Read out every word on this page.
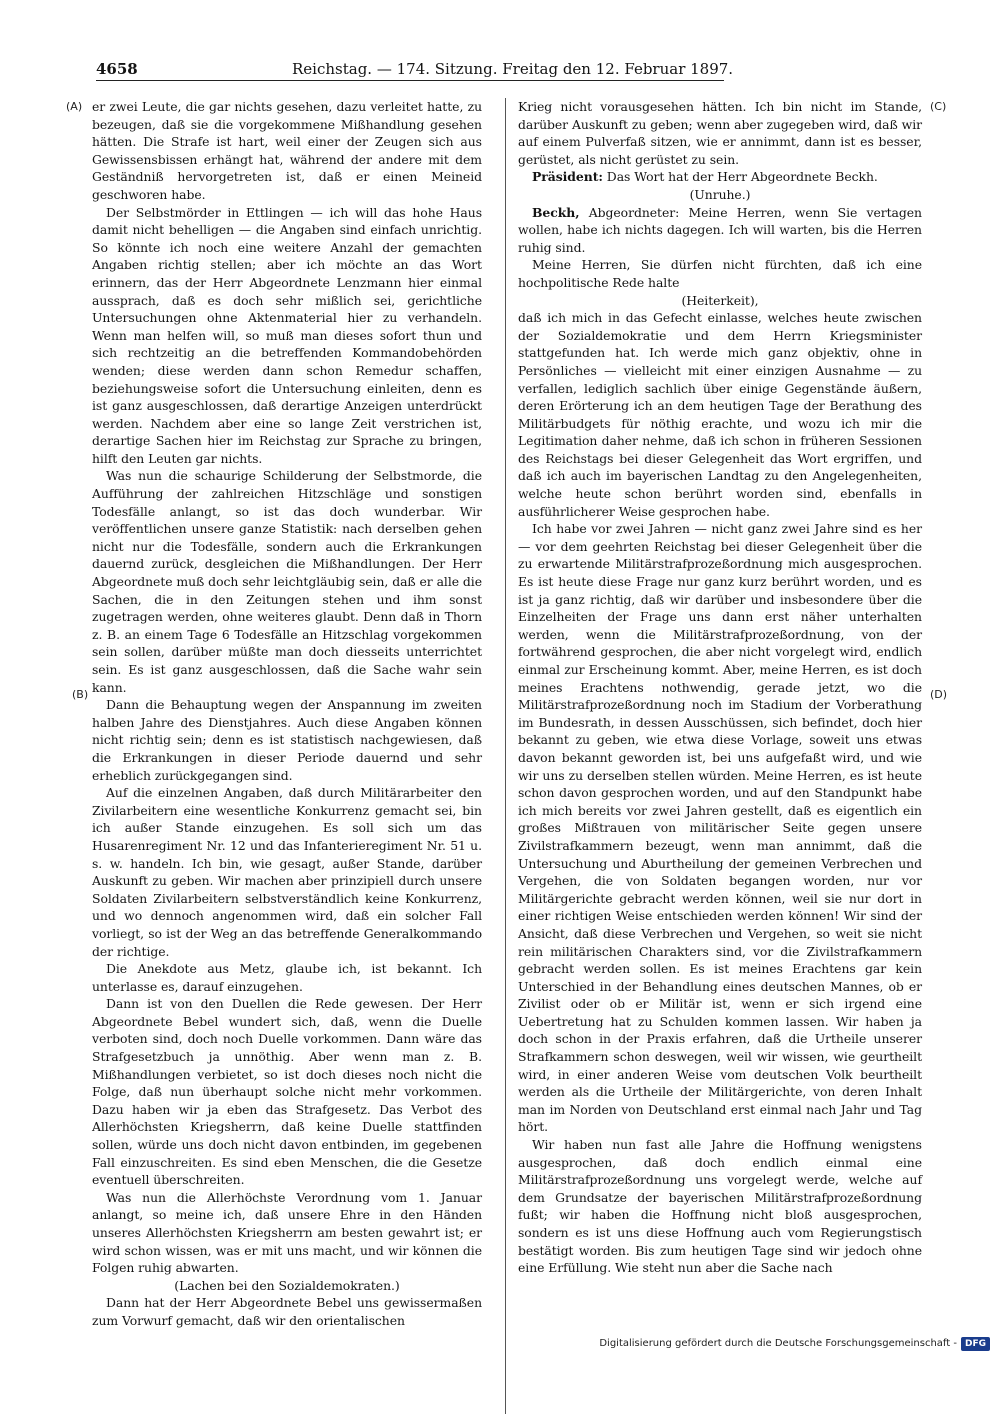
4658	Reichstag. — 174. Sitzung. Freitag den 12. Februar 1897.
(A)
(B)
(C)
(D)

er zwei Leute, die gar nichts gesehen, dazu verleitet hatte, zu bezeugen, daß sie die vorgekommene Mißhandlung gesehen hätten. Die Strafe ist hart, weil einer der Zeugen sich aus Gewissensbissen erhängt hat, während der andere mit dem Geständniß hervorgetreten ist, daß er einen Meineid geschworen habe.

Der Selbstmörder in Ettlingen — ich will das hohe Haus damit nicht behelligen — die Angaben sind einfach unrichtig. So könnte ich noch eine weitere Anzahl der gemachten Angaben richtig stellen; aber ich möchte an das Wort erinnern, das der Herr Abgeordnete Lenzmann hier einmal aussprach, daß es doch sehr mißlich sei, gerichtliche Untersuchungen ohne Aktenmaterial hier zu verhandeln. Wenn man helfen will, so muß man dieses sofort thun und sich rechtzeitig an die betreffenden Kommandobehörden wenden; diese werden dann schon Remedur schaffen, beziehungsweise sofort die Untersuchung einleiten, denn es ist ganz ausgeschlossen, daß derartige Anzeigen unterdrückt werden. Nachdem aber eine so lange Zeit verstrichen ist, derartige Sachen hier im Reichstag zur Sprache zu bringen, hilft den Leuten gar nichts.

Was nun die schaurige Schilderung der Selbstmorde, die Aufführung der zahlreichen Hitzschläge und sonstigen Todesfälle anlangt, so ist das doch wunderbar. Wir veröffentlichen unsere ganze Statistik: nach derselben gehen nicht nur die Todesfälle, sondern auch die Erkrankungen dauernd zurück, desgleichen die Mißhandlungen. Der Herr Abgeordnete muß doch sehr leichtgläubig sein, daß er alle die Sachen, die in den Zeitungen stehen und ihm sonst zugetragen werden, ohne weiteres glaubt. Denn daß in Thorn z. B. an einem Tage 6 Todesfälle an Hitzschlag vorgekommen sein sollen, darüber müßte man doch diesseits unterrichtet sein. Es ist ganz ausgeschlossen, daß die Sache wahr sein kann.

Dann die Behauptung wegen der Anspannung im zweiten halben Jahre des Dienstjahres. Auch diese Angaben können nicht richtig sein; denn es ist statistisch nachgewiesen, daß die Erkrankungen in dieser Periode dauernd und sehr erheblich zurückgegangen sind.

Auf die einzelnen Angaben, daß durch Militärarbeiter den Zivilarbeitern eine wesentliche Konkurrenz gemacht sei, bin ich außer Stande einzugehen. Es soll sich um das Husarenregiment Nr. 12 und das Infanterieregiment Nr. 51 u. s. w. handeln. Ich bin, wie gesagt, außer Stande, darüber Auskunft zu geben. Wir machen aber prinzipiell durch unsere Soldaten Zivilarbeitern selbstverständlich keine Konkurrenz, und wo dennoch angenommen wird, daß ein solcher Fall vorliegt, so ist der Weg an das betreffende Generalkommando der richtige.

Die Anekdote aus Metz, glaube ich, ist bekannt. Ich unterlasse es, darauf einzugehen.

Dann ist von den Duellen die Rede gewesen. Der Herr Abgeordnete Bebel wundert sich, daß, wenn die Duelle verboten sind, doch noch Duelle vorkommen. Dann wäre das Strafgesetzbuch ja unnöthig. Aber wenn man z. B. Mißhandlungen verbietet, so ist doch dieses noch nicht die Folge, daß nun überhaupt solche nicht mehr vorkommen. Dazu haben wir ja eben das Strafgesetz. Das Verbot des Allerhöchsten Kriegsherrn, daß keine Duelle stattfinden sollen, würde uns doch nicht davon entbinden, im gegebenen Fall einzuschreiten. Es sind eben Menschen, die die Gesetze eventuell überschreiten.

Was nun die Allerhöchste Verordnung vom 1. Januar anlangt, so meine ich, daß unsere Ehre in den Händen unseres Allerhöchsten Kriegsherrn am besten gewahrt ist; er wird schon wissen, was er mit uns macht, und wir können die Folgen ruhig abwarten.

(Lachen bei den Sozialdemokraten.)

Dann hat der Herr Abgeordnete Bebel uns gewissermaßen zum Vorwurf gemacht, daß wir den orientalischen

Krieg nicht vorausgesehen hätten. Ich bin nicht im Stande, darüber Auskunft zu geben; wenn aber zugegeben wird, daß wir auf einem Pulverfaß sitzen, wie er annimmt, dann ist es besser, gerüstet, als nicht gerüstet zu sein.

Präsident: Das Wort hat der Herr Abgeordnete Beckh.

(Unruhe.)

Beckh, Abgeordneter: Meine Herren, wenn Sie vertagen wollen, habe ich nichts dagegen. Ich will warten, bis die Herren ruhig sind.

Meine Herren, Sie dürfen nicht fürchten, daß ich eine hochpolitische Rede halte

(Heiterkeit),

daß ich mich in das Gefecht einlasse, welches heute zwischen der Sozialdemokratie und dem Herrn Kriegsminister stattgefunden hat. Ich werde mich ganz objektiv, ohne in Persönliches — vielleicht mit einer einzigen Ausnahme — zu verfallen, lediglich sachlich über einige Gegenstände äußern, deren Erörterung ich an dem heutigen Tage der Berathung des Militärbudgets für nöthig erachte, und wozu ich mir die Legitimation daher nehme, daß ich schon in früheren Sessionen des Reichstags bei dieser Gelegenheit das Wort ergriffen, und daß ich auch im bayerischen Landtag zu den Angelegenheiten, welche heute schon berührt worden sind, ebenfalls in ausführlicherer Weise gesprochen habe.

Ich habe vor zwei Jahren — nicht ganz zwei Jahre sind es her — vor dem geehrten Reichstag bei dieser Gelegenheit über die zu erwartende Militärstrafprozeßordnung mich ausgesprochen. Es ist heute diese Frage nur ganz kurz berührt worden, und es ist ja ganz richtig, daß wir darüber und insbesondere über die Einzelheiten der Frage uns dann erst näher unterhalten werden, wenn die Militärstrafprozeßordnung, von der fortwährend gesprochen, die aber nicht vorgelegt wird, endlich einmal zur Erscheinung kommt. Aber, meine Herren, es ist doch meines Erachtens nothwendig, gerade jetzt, wo die Militärstrafprozeßordnung noch im Stadium der Vorberathung im Bundesrath, in dessen Ausschüssen, sich befindet, doch hier bekannt zu geben, wie etwa diese Vorlage, soweit uns etwas davon bekannt geworden ist, bei uns aufgefaßt wird, und wie wir uns zu derselben stellen würden. Meine Herren, es ist heute schon davon gesprochen worden, und auf den Standpunkt habe ich mich bereits vor zwei Jahren gestellt, daß es eigentlich ein großes Mißtrauen von militärischer Seite gegen unsere Zivilstrafkammern bezeugt, wenn man annimmt, daß die Untersuchung und Aburtheilung der gemeinen Verbrechen und Vergehen, die von Soldaten begangen worden, nur vor Militärgerichte gebracht werden können, weil sie nur dort in einer richtigen Weise entschieden werden können! Wir sind der Ansicht, daß diese Verbrechen und Vergehen, so weit sie nicht rein militärischen Charakters sind, vor die Zivilstrafkammern gebracht werden sollen. Es ist meines Erachtens gar kein Unterschied in der Behandlung eines deutschen Mannes, ob er Zivilist oder ob er Militär ist, wenn er sich irgend eine Uebertretung hat zu Schulden kommen lassen. Wir haben ja doch schon in der Praxis erfahren, daß die Urtheile unserer Strafkammern schon deswegen, weil wir wissen, wie geurtheilt wird, in einer anderen Weise vom deutschen Volk beurtheilt werden als die Urtheile der Militärgerichte, von deren Inhalt man im Norden von Deutschland erst einmal nach Jahr und Tag hört.

Wir haben nun fast alle Jahre die Hoffnung wenigstens ausgesprochen, daß doch endlich einmal eine Militärstrafprozeßordnung uns vorgelegt werde, welche auf dem Grundsatze der bayerischen Militärstrafprozeßordnung fußt; wir haben die Hoffnung nicht bloß ausgesprochen, sondern es ist uns diese Hoffnung auch vom Regierungstisch bestätigt worden. Bis zum heutigen Tage sind wir jedoch ohne eine Erfüllung. Wie steht nun aber die Sache nach

Digitalisierung gefördert durch die Deutsche Forschungsgemeinschaft - DFG
